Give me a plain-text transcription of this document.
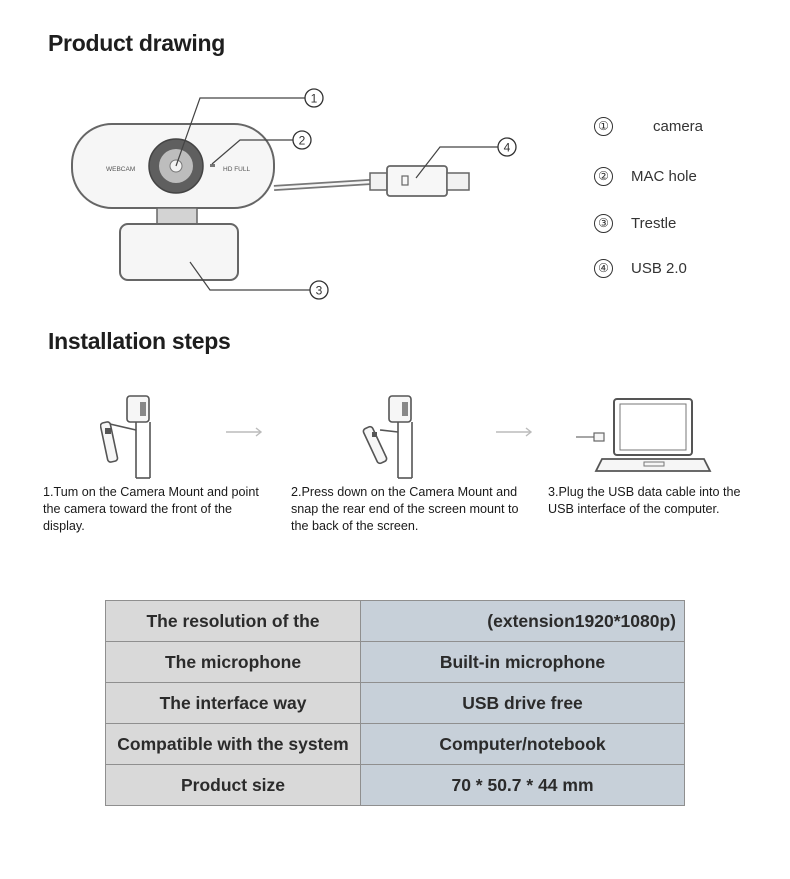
Product drawing
WEBCAM	HD FULL
1
2	4
3
①	camera
② MAC hole
③ Trestle
④ USB 2.0
Installation steps
1.Tum on the Camera Mount and point the camera toward the front of the display.
2.Press down on the Camera Mount and snap the rear end of the screen mount to the back of the screen.
3.Plug the USB data cable into the USB interface of the computer.
The resolution of the	(extension1920*1080p)
The microphone	Built-in microphone
The interface way	USB drive free
Compatible with the system	Computer/notebook
Product size	70 * 50.7 * 44 mm
